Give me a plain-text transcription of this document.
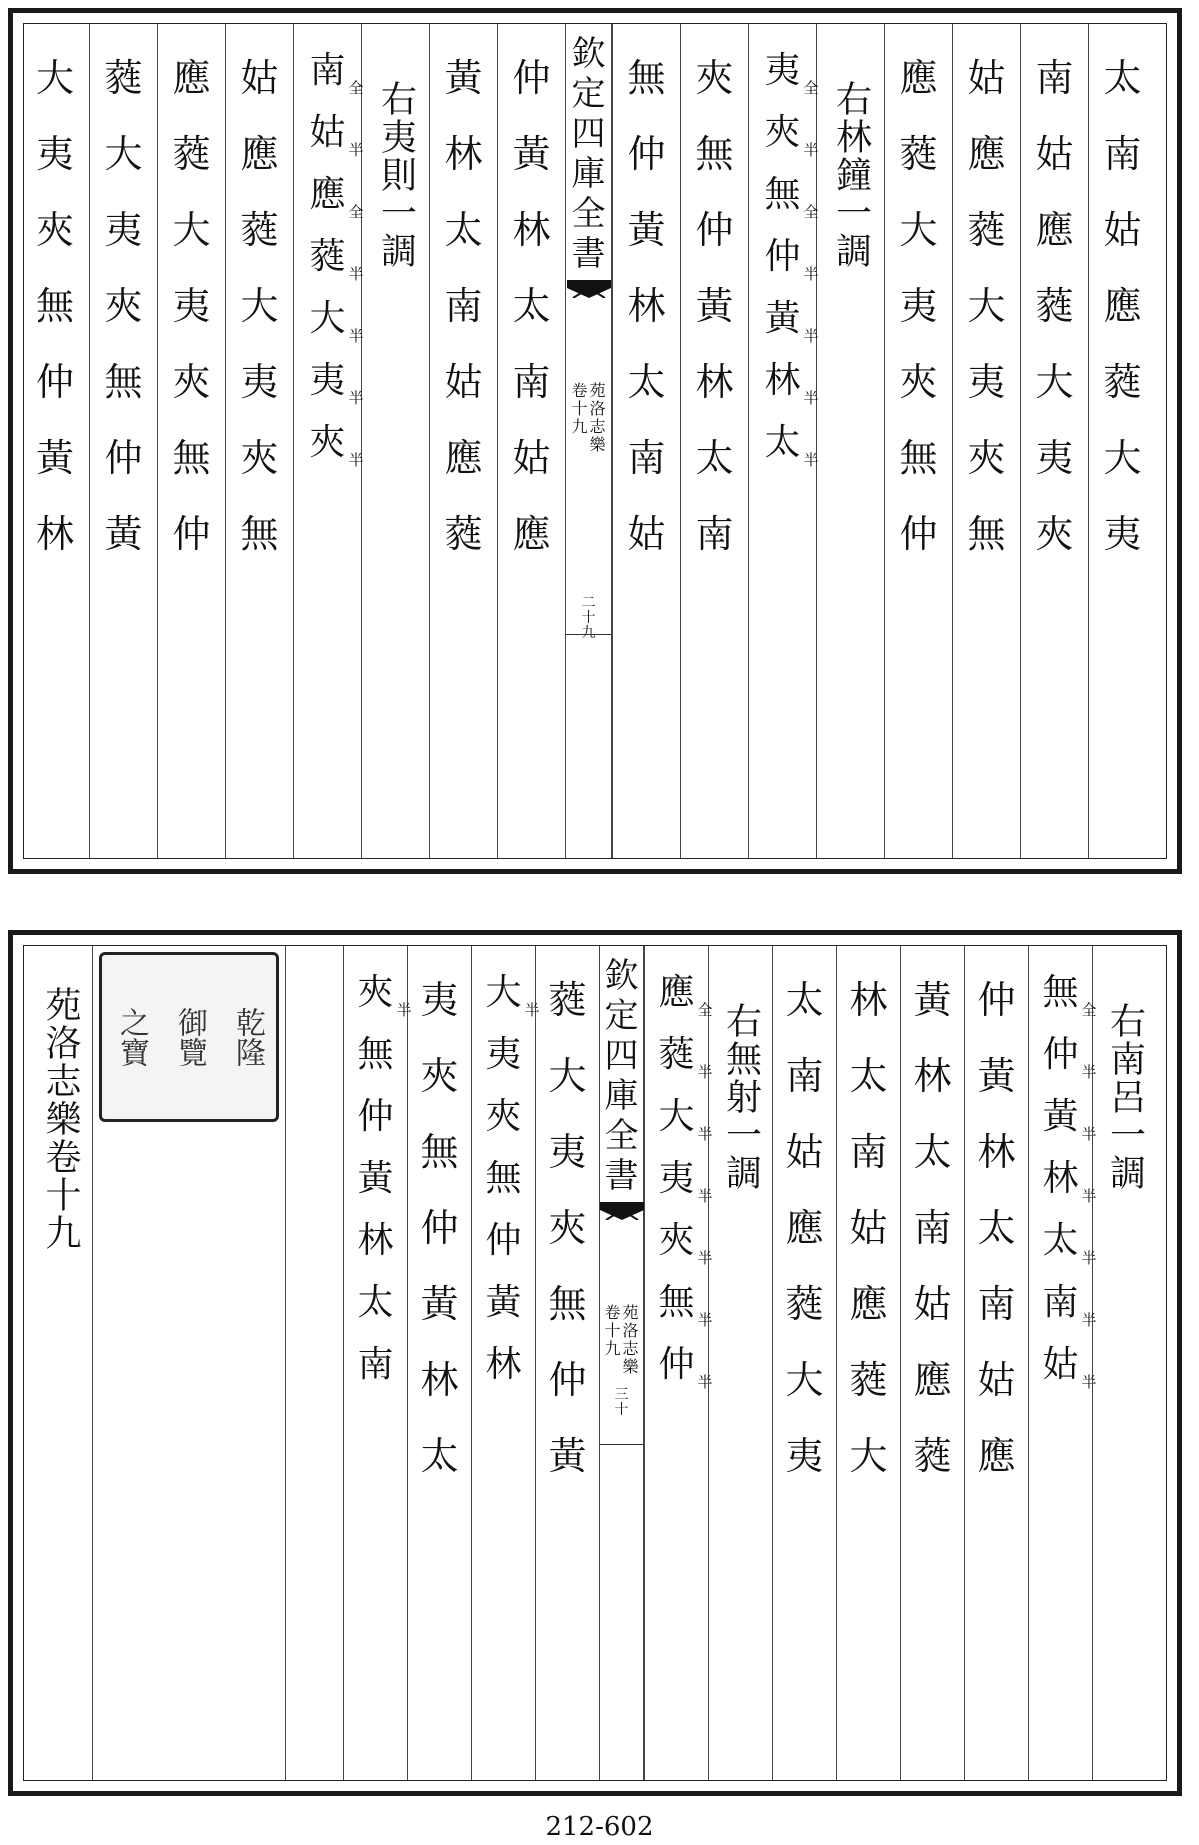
太
南
姑
應
蕤
大
夷
南
姑
應
蕤
大
夷
夾
姑
應
蕤
大
夷
夾
無
應
蕤
大
夷
夾
無
仲
右林鐘一調
夷 全
夾 半
無 全
仲 半
黃 半
林 半
太 半
夾
無
仲
黃
林
太
南
無
仲
黃
林
太
南
姑
欽
定
四
庫
全
書
卷
十
九
苑
洛
志
樂
二
十
九
仲
黃
林
太
南
姑
應
黃
林
太
南
姑
應
蕤
右夷則一調
南 全
姑 半
應 全
蕤 半
大 半
夷 半
夾 半
姑
應
蕤
大
夷
夾
無
應
蕤
大
夷
夾
無
仲
蕤
大
夷
夾
無
仲
黃
大
夷
夾
無
仲
黃
林
右南呂一調
無 全
仲 半
黃 半
林 半
太 半
南 半
姑 半
仲
黃
林
太
南
姑
應
黃
林
太
南
姑
應
蕤
林
太
南
姑
應
蕤
大
太
南
姑
應
蕤
大
夷
右無射一調
應 全
蕤 半
大 半
夷 半
夾 半
無 半
仲 半
欽
定
四
庫
全
書
卷
十
九
苑
洛
志
樂
三
十
蕤
大
夷
夾
無
仲
黃
大 半
夷
夾
無
仲
黃
林
夷
夾
無
仲
黃
林
太
夾 半
無
仲
黃
林
太
南
之寶 御覽 乾隆
苑洛志樂卷十九
212-602
